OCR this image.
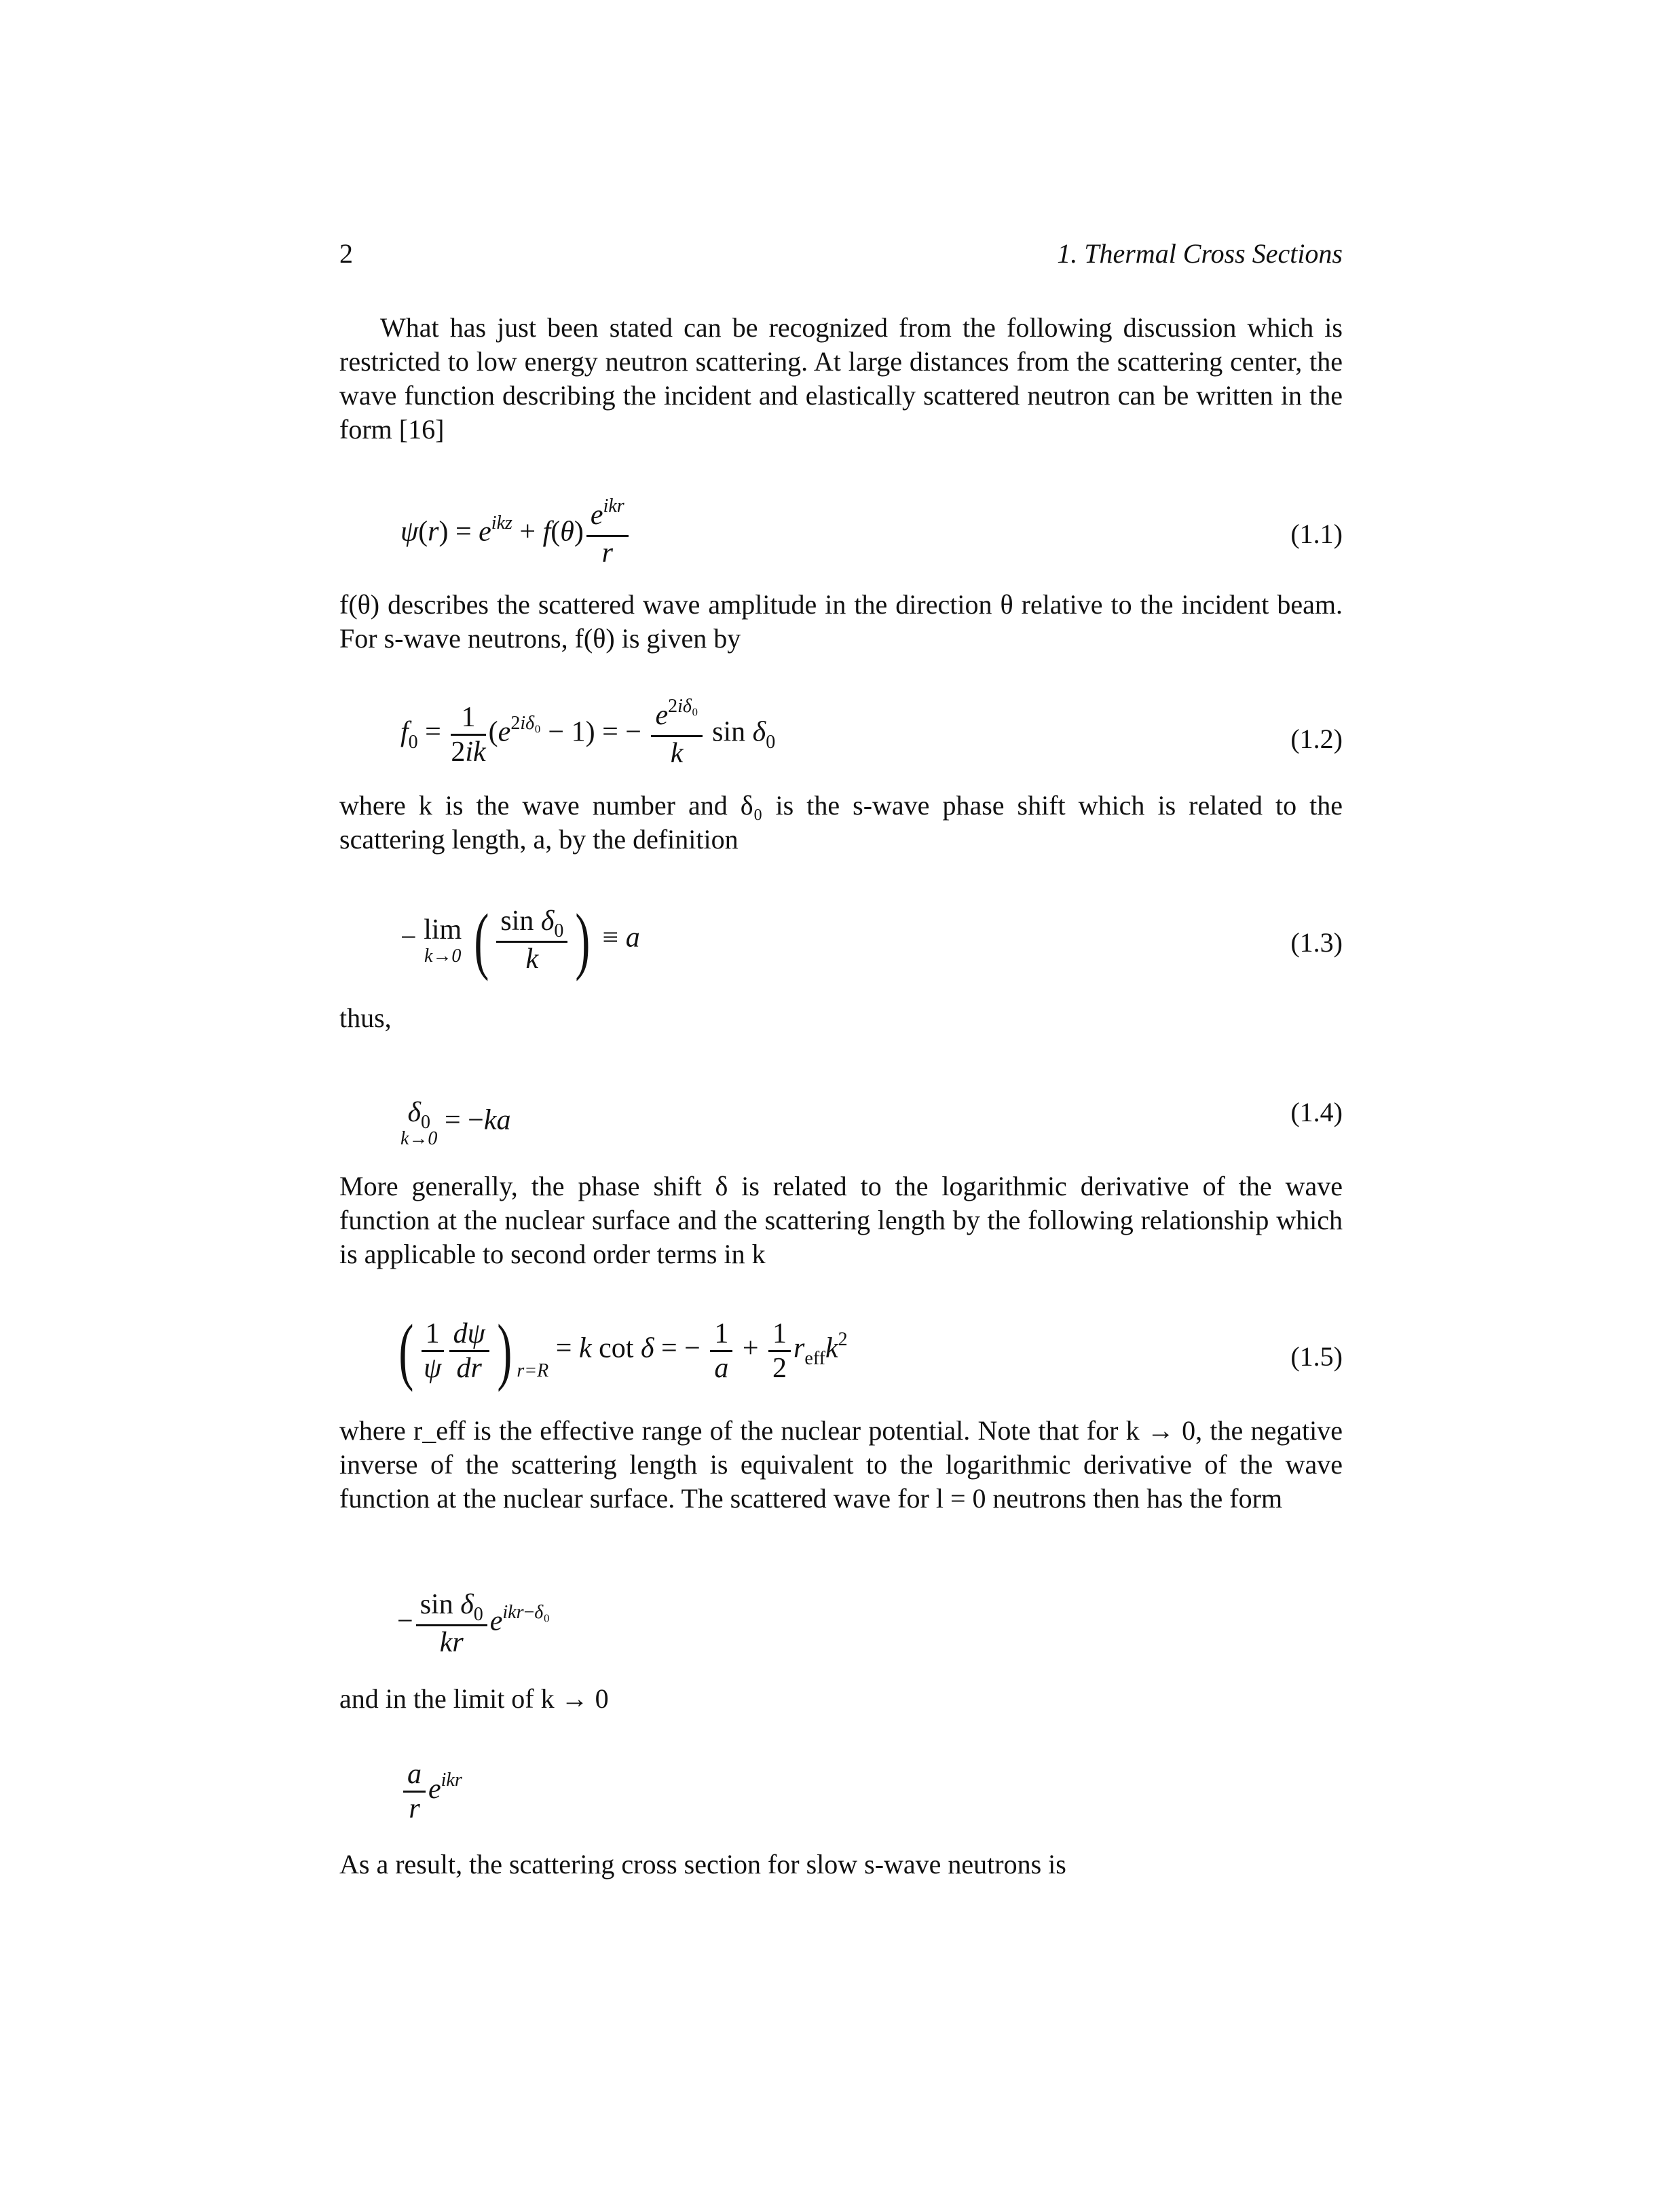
2	1. Thermal Cross Sections
What has just been stated can be recognized from the following discussion which is restricted to low energy neutron scattering. At large distances from the scattering center, the wave function describing the incident and elastically scattered neutron can be written in the form [16]
$\psi(r) = e^{ikz} + f(\theta) \frac{e^{ikr}}{r}$	(1.1)
f(θ) describes the scattered wave amplitude in the direction θ relative to the incident beam. For s-wave neutrons, f(θ) is given by
$f_0 = \frac{1}{2ik} (e^{2i\delta_0} - 1)$ = − $\frac{e^{2i\delta_0}}{k}$ $\sin \delta_0$	(1.2)
where k is the wave number and δ₀ is the s-wave phase shift which is related to the scattering length, a, by the definition
− lim
k→0 ( $\frac{\sin \delta_0}{k}$ ) ≡ a	(1.3)
thus,
$\delta_0$
k→0
= −ka	(1.4)
More generally, the phase shift δ is related to the logarithmic derivative of the wave function at the nuclear surface and the scattering length by the following relationship which is applicable to second order terms in k
( $\frac{1}{\psi} \frac{d\psi}{dr}$ ) $_{r=R}$ = k cot δ = − $\frac{1}{a} + \frac{1}{2} r_{eff}k^2$
(1.5)
where r_eff is the effective range of the nuclear potential. Note that for k → 0, the negative inverse of the scattering length is equivalent to the logarithmic derivative of the wave function at the nuclear surface. The scattered wave for l = 0 neutrons then has the form
− $\frac{\sin \delta_0}{kr} e^{ikr-\delta_0}$
and in the limit of k → 0
$\frac{a}{r} e^{ikr}$
As a result, the scattering cross section for slow s-wave neutrons is
